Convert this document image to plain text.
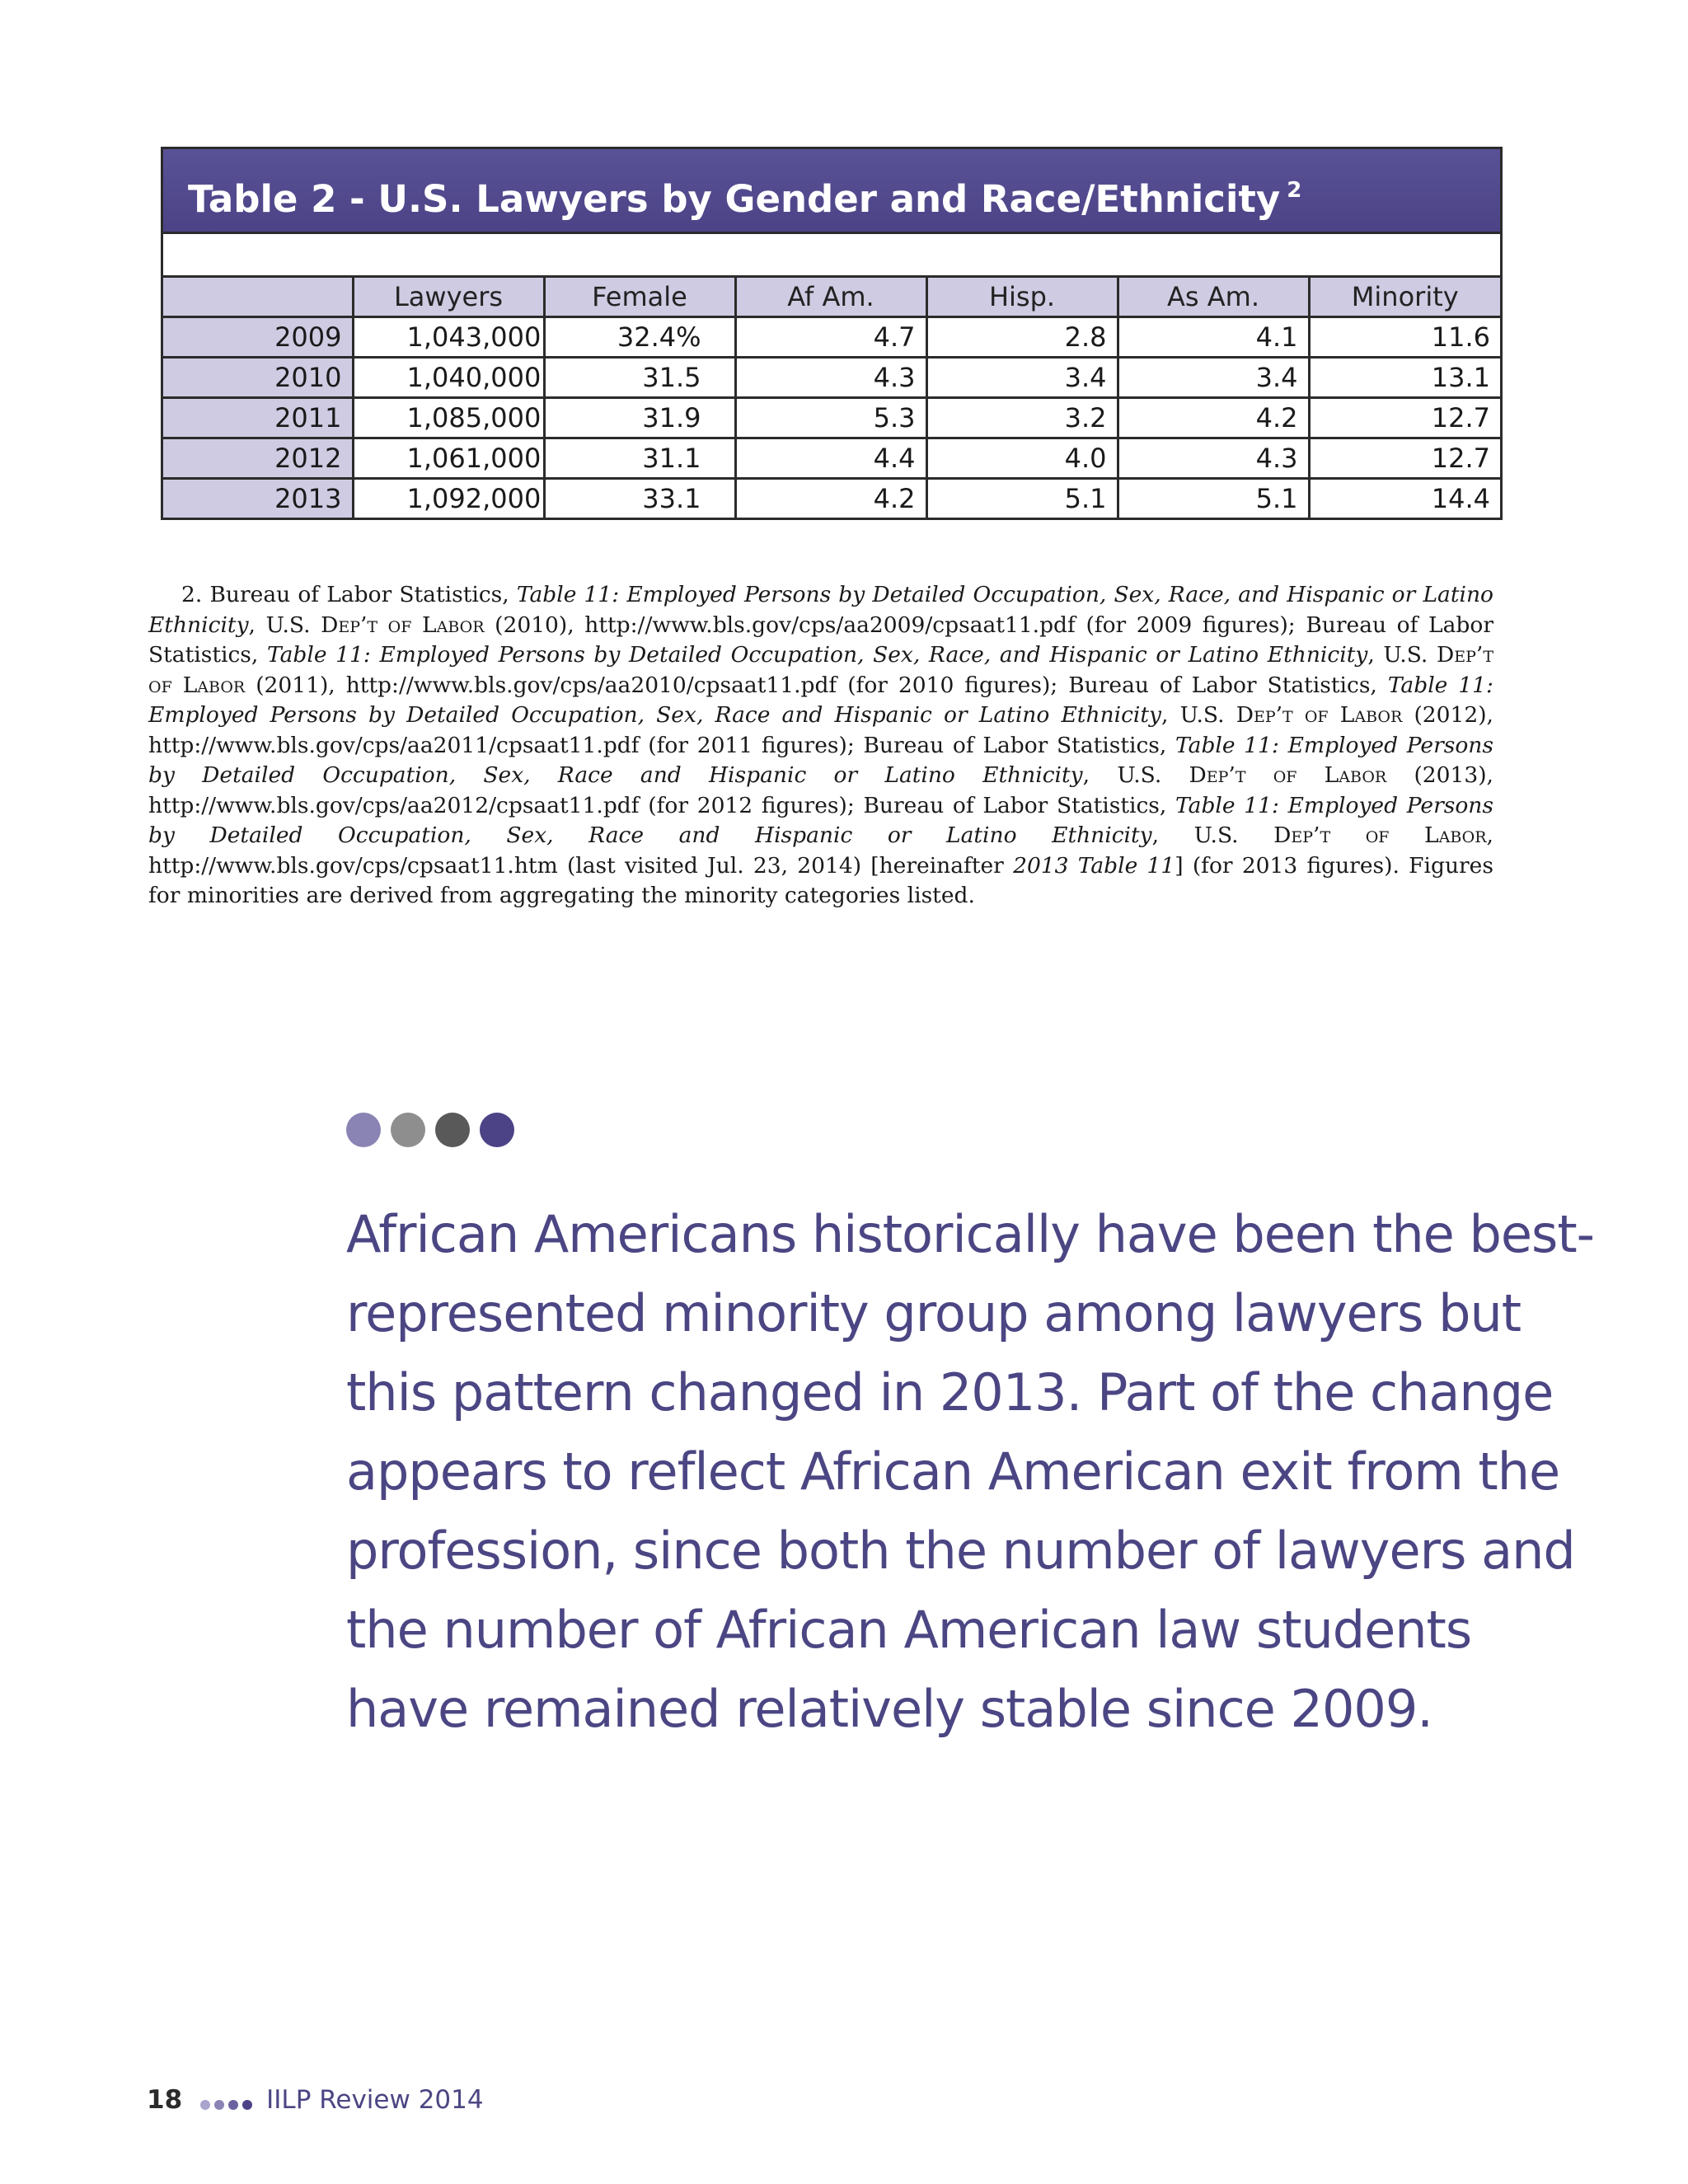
Table 2 - U.S. Lawyers by Gender and Race/Ethnicity $^2$
	Lawyers	Female	Af Am.	Hisp.	As Am.	Minority
2009	1,043,000	32.4%	4.7	2.8	4.1	11.6
2010	1,040,000	31.5	4.3	3.4	3.4	13.1
2011	1,085,000	31.9	5.3	3.2	4.2	12.7
2012	1,061,000	31.1	4.4	4.0	4.3	12.7
2013	1,092,000	33.1	4.2	5.1	5.1	14.4

2. Bureau of Labor Statistics, Table 11: Employed Persons by Detailed Occupation, Sex, Race, and Hispanic or Latino Ethnicity, U.S. Dep’t of Labor (2010), http://www.bls.gov/cps/aa2009/cpsaat11.pdf (for 2009 figures); Bureau of Labor Statistics, Table 11: Employed Persons by Detailed Occupation, Sex, Race, and Hispanic or Latino Ethnicity, U.S. Dep’t of Labor (2011), http://www.bls.gov/cps/aa2010/cpsaat11.pdf (for 2010 figures); Bureau of Labor Statistics, Table 11: Employed Persons by Detailed Occupation, Sex, Race and Hispanic or Latino Ethnicity, U.S. Dep’t of Labor (2012), http://www.bls.gov/cps/aa2011/cpsaat11.pdf (for 2011 figures); Bureau of Labor Statistics, Table 11: Employed Persons by Detailed Occupation, Sex, Race and Hispanic or Latino Ethnicity, U.S. Dep’t of Labor (2013), http://www.bls.gov/cps/aa2012/cpsaat11.pdf (for 2012 figures); Bureau of Labor Statistics, Table 11: Employed Persons by Detailed Occupation, Sex, Race and Hispanic or Latino Ethnicity, U.S. Dep’t of Labor, http://www.bls.gov/cps/cpsaat11.htm (last visited Jul. 23, 2014) [hereinafter 2013 Table 11] (for 2013 figures). Figures for minorities are derived from aggregating the minority categories listed.

African Americans historically have been the best-
represented minority group among lawyers but
this pattern changed in 2013. Part of the change
appears to reflect African American exit from the
profession, since both the number of lawyers and
the number of African American law students
have remained relatively stable since 2009.
18	IILP Review 2014
